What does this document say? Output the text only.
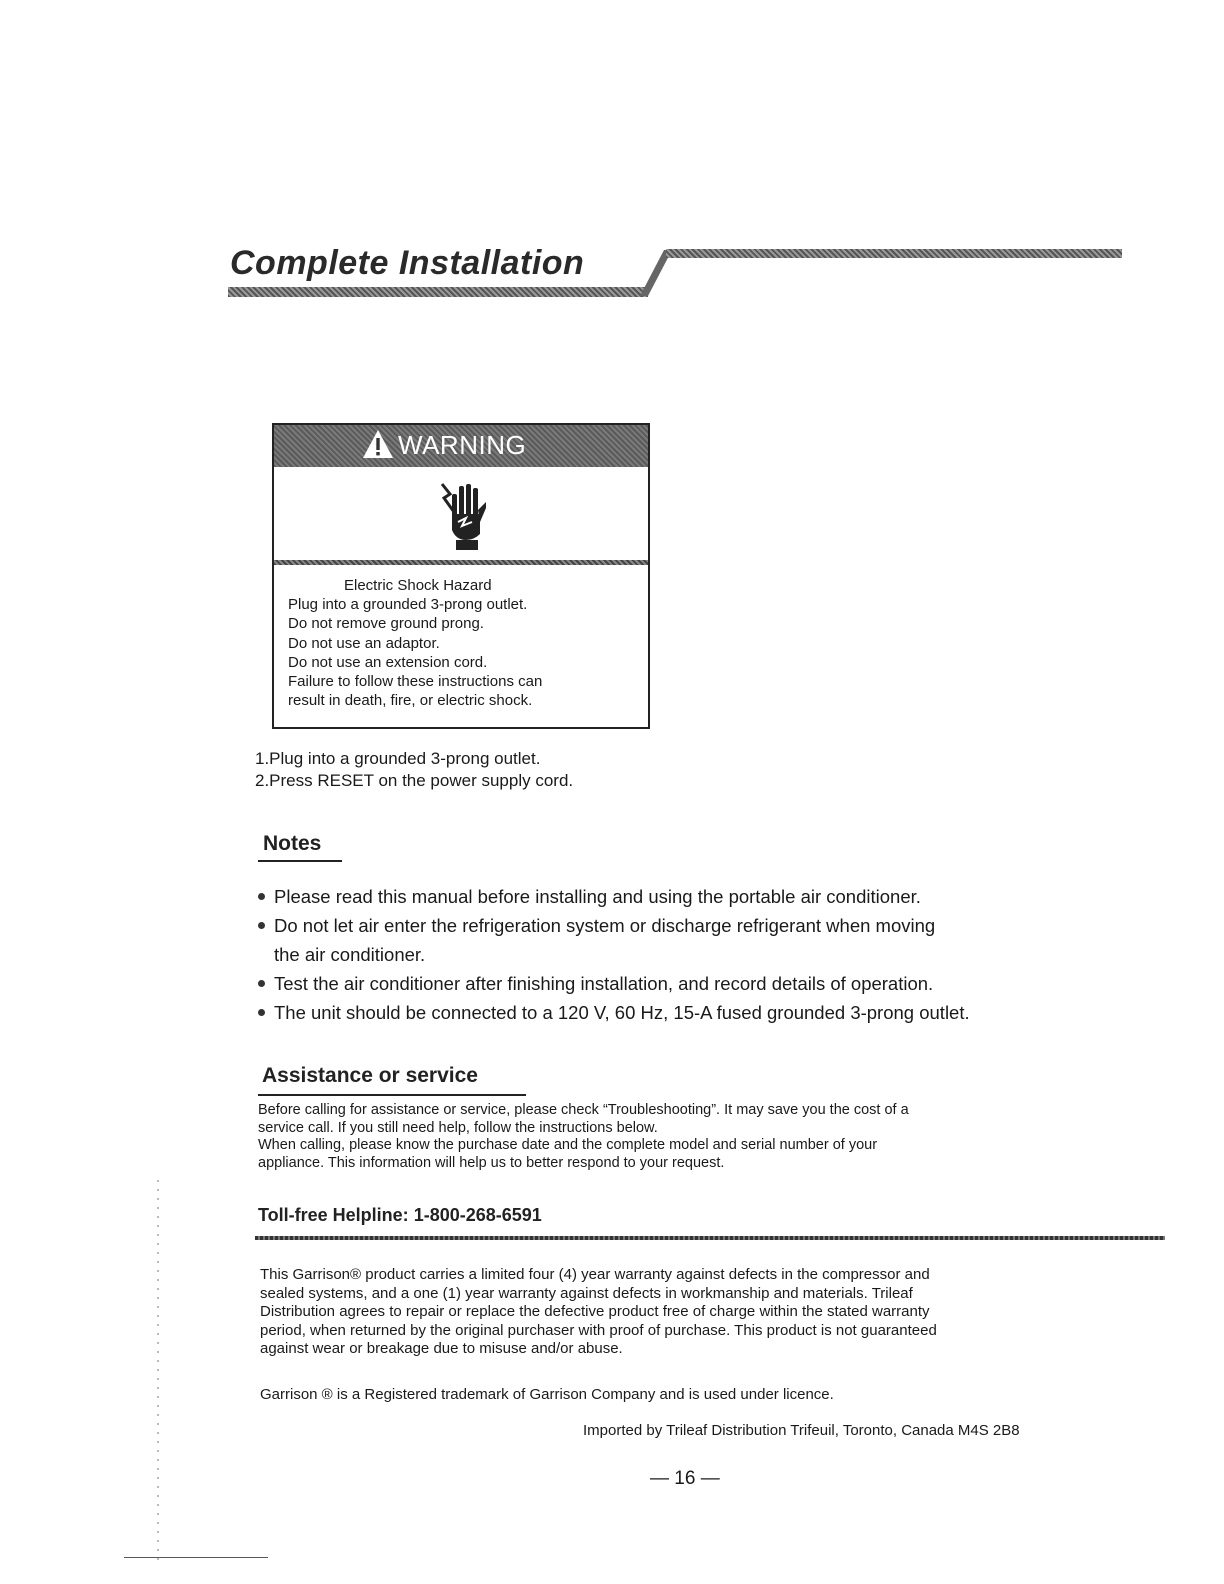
Complete Installation
WARNING
Electric Shock Hazard
Plug into a grounded 3-prong outlet.
Do not remove ground prong.
Do not use an adaptor.
Do not use an extension cord.
Failure to follow these instructions can
result in death, fire, or electric shock.
1.Plug into a grounded 3-prong outlet.
2.Press RESET on the power supply cord.
Notes
Please read this manual before installing and using the portable air conditioner.
Do not let air enter the refrigeration system or discharge refrigerant when moving
the air conditioner.
Test the air conditioner after finishing installation, and record details of operation.
The unit should be connected to a 120 V, 60 Hz, 15-A fused grounded 3-prong outlet.
Assistance or service
Before calling for assistance or service, please check “Troubleshooting”. It may save you the cost of a
service call. If you still need help, follow the instructions below.
When calling, please know the purchase date and the complete model and serial number of your
appliance. This information will help us to better respond to your request.
Toll-free Helpline: 1-800-268-6591
This Garrison® product carries a limited four (4) year warranty against defects in the compressor and
sealed systems, and a one (1) year warranty against defects in workmanship and materials. Trileaf
Distribution agrees to repair or replace the defective product free of charge within the stated warranty
period, when returned by the original purchaser with proof of purchase. This product is not guaranteed
against wear or breakage due to misuse and/or abuse.
Garrison ® is a Registered trademark of Garrison Company and is used under licence.
Imported by Trileaf Distribution Trifeuil, Toronto, Canada M4S 2B8
— 16 —
